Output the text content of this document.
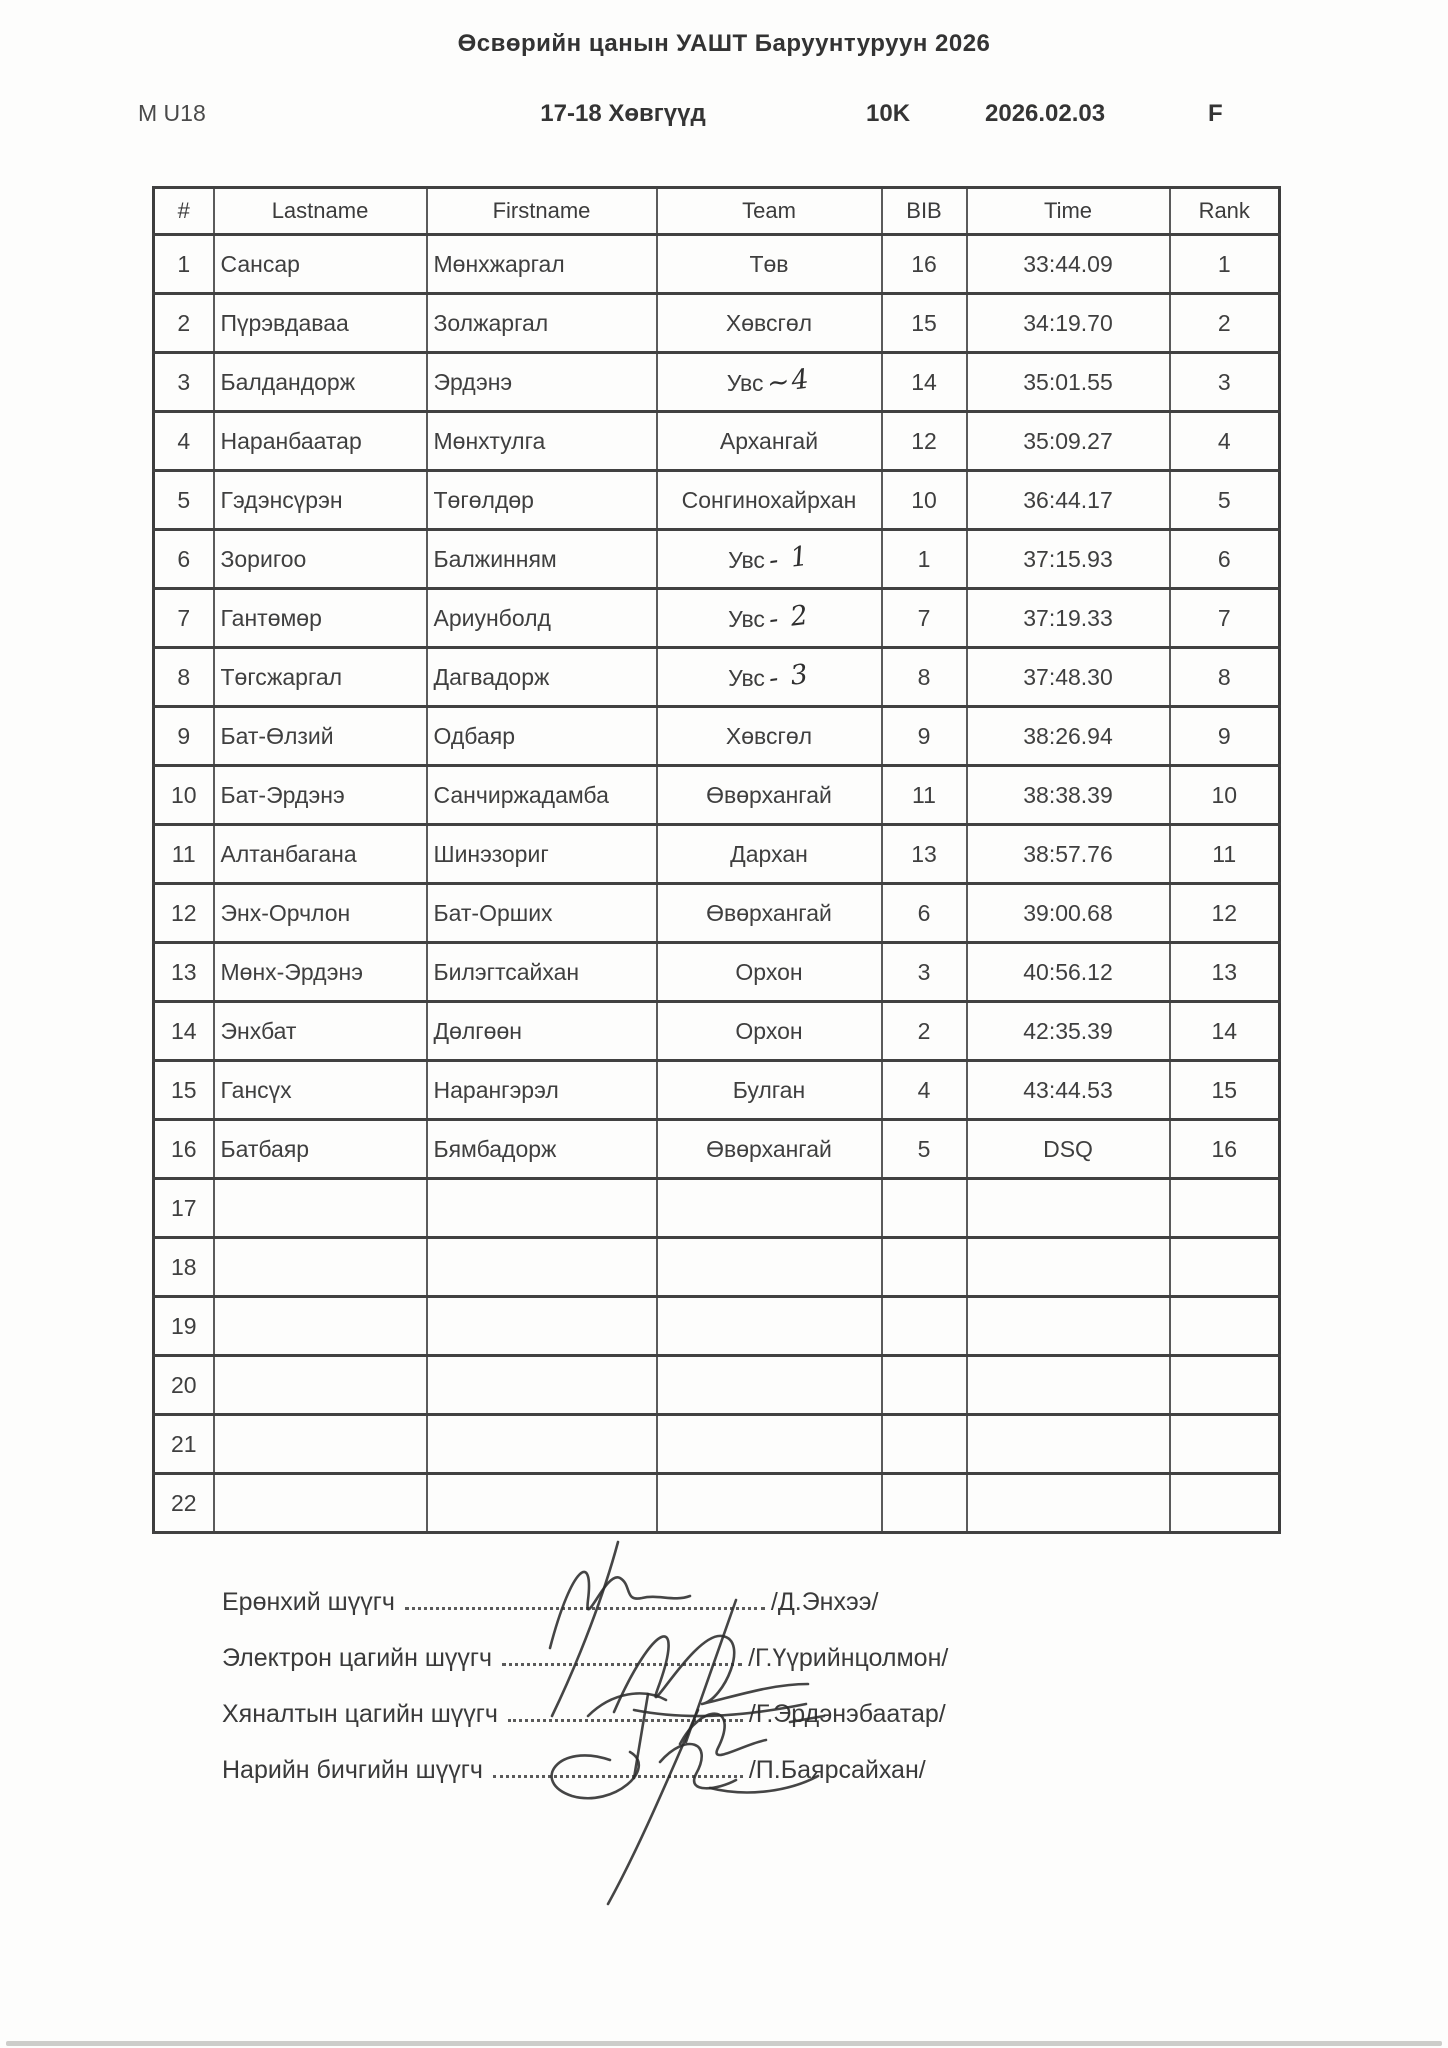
Өсвөрийн цанын УАШТ Баруунтуруун 2026
M U18	17-18 Хөвгүүд	10K	2026.02.03	F
#	Lastname	Firstname	Team	BIB	Time	Rank
1	Сансар	Мөнхжаргал	Төв	16	33:44.09	1
2	Пүрэвдаваа	Золжаргал	Хөвсгөл	15	34:19.70	2
3	Балдандорж	Эрдэнэ	Увс~4	14	35:01.55	3
4	Наранбаатар	Мөнхтулга	Архангай	12	35:09.27	4
5	Гэдэнсүрэн	Төгөлдөр	Сонгинохайрхан	10	36:44.17	5
6	Зоригоо	Балжинням	Увс- 1	1	37:15.93	6
7	Гантөмөр	Ариунболд	Увс- 2	7	37:19.33	7
8	Төгсжаргал	Дагвадорж	Увс- 3	8	37:48.30	8
9	Бат-Өлзий	Одбаяр	Хөвсгөл	9	38:26.94	9
10	Бат-Эрдэнэ	Санчиржадамба	Өвөрхангай	11	38:38.39	10
11	Алтанбагана	Шинэзориг	Дархан	13	38:57.76	11
12	Энх-Орчлон	Бат-Орших	Өвөрхангай	6	39:00.68	12
13	Мөнх-Эрдэнэ	Билэгтсайхан	Орхон	3	40:56.12	13
14	Энхбат	Дөлгөөн	Орхон	2	42:35.39	14
15	Гансүх	Нарангэрэл	Булган	4	43:44.53	15
16	Батбаяр	Бямбадорж	Өвөрхангай	5	DSQ	16
17						
18						
19						
20						
21						
22						
Ерөнхий шүүгч	/Д.Энхээ/
Электрон цагийн шүүгч	/Г.Үүрийнцолмон/
Хяналтын цагийн шүүгч	/Г.Эрдэнэбаатар/
Нарийн бичгийн шүүгч	/П.Баярсайхан/
